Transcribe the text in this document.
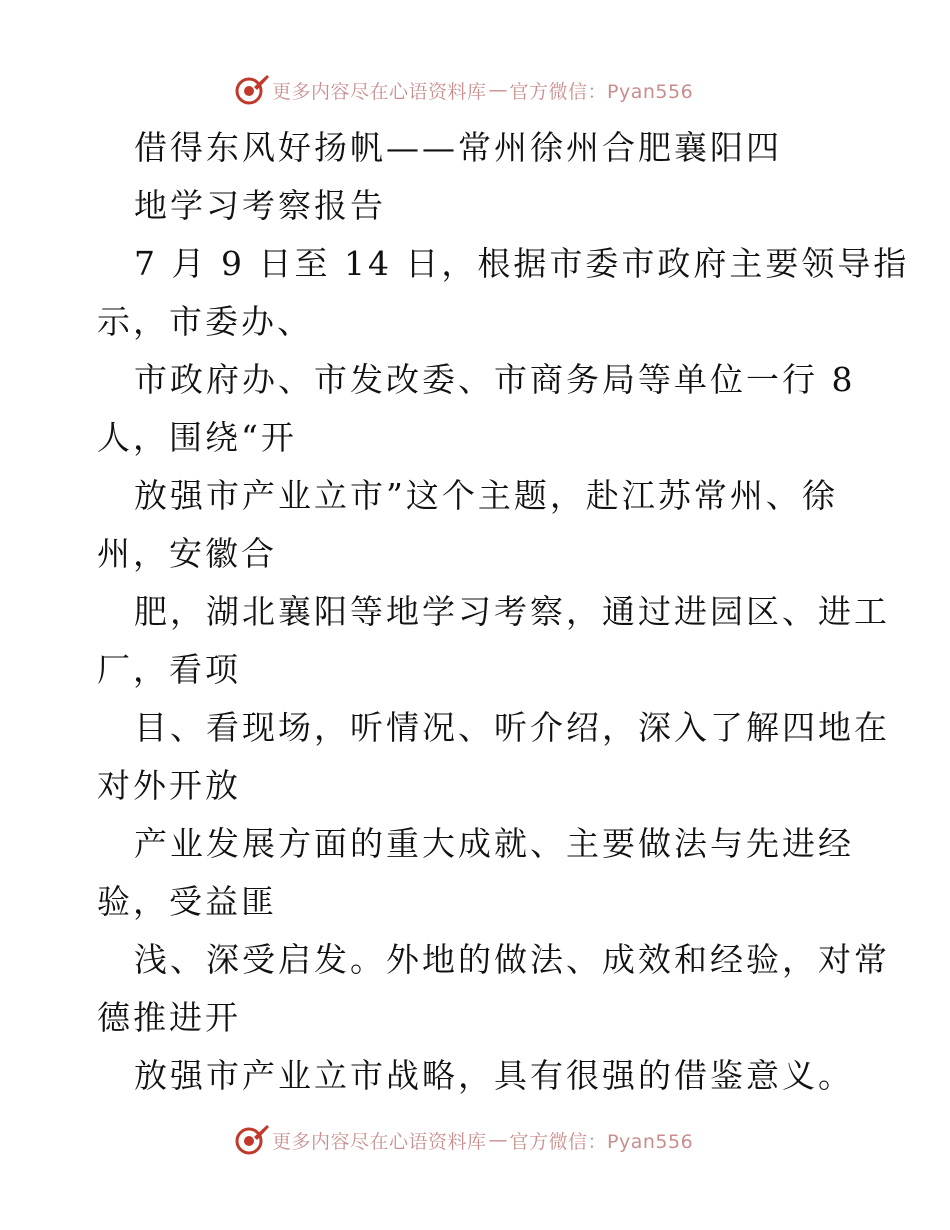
更多内容尽在心语资料库 — 官方微信：Pyan556
借得东风好扬帆——常州徐州合肥襄阳四
地学习考察报告
7 月 9 日至 14 日，根据市委市政府主要领导指
示，市委办、
市政府办、市发改委、市商务局等单位一行 8
人，围绕“开
放强市产业立市”这个主题，赴江苏常州、徐
州，安徽合
肥，湖北襄阳等地学习考察，通过进园区、进工
厂，看项
目、看现场，听情况、听介绍，深入了解四地在
对外开放
产业发展方面的重大成就、主要做法与先进经
验，受益匪
浅、深受启发。外地的做法、成效和经验，对常
德推进开
放强市产业立市战略，具有很强的借鉴意义。
更多内容尽在心语资料库 — 官方微信：Pyan556
